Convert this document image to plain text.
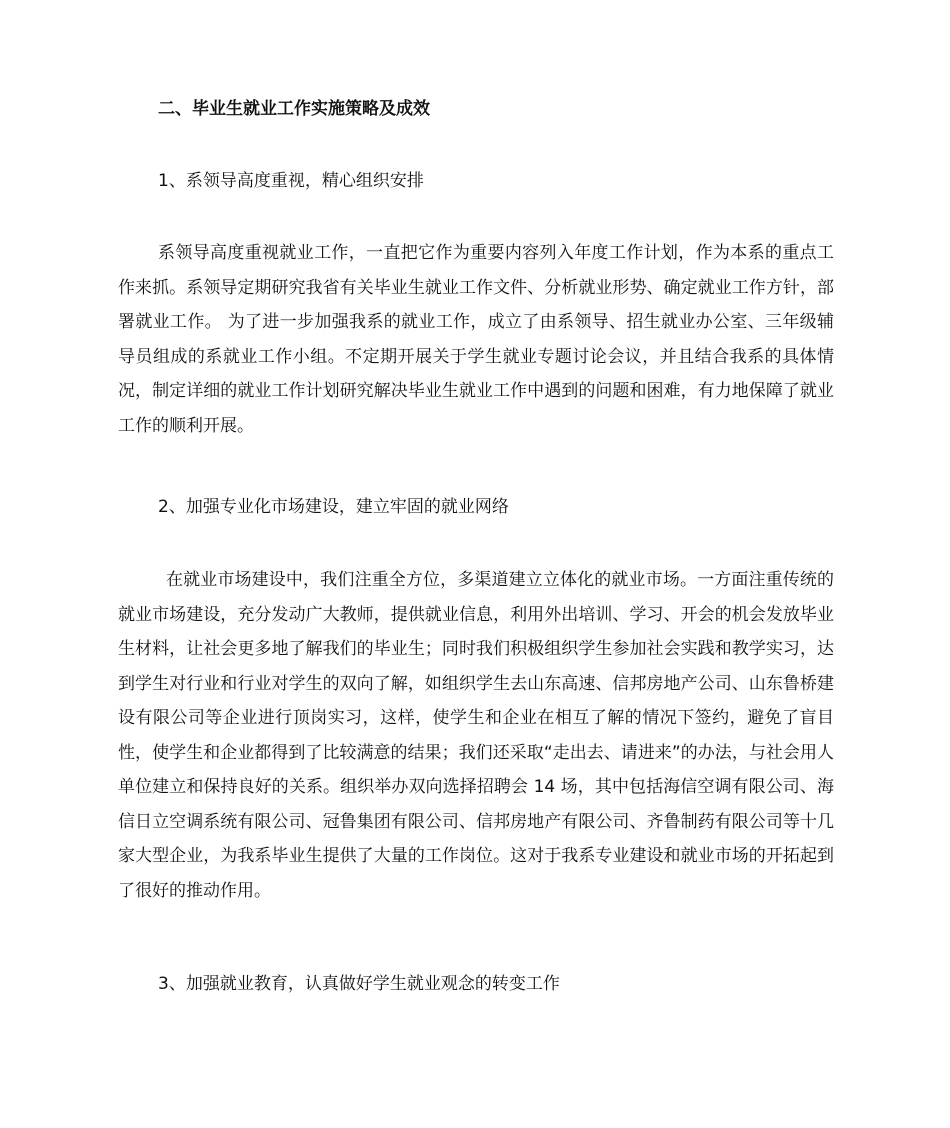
二、毕业生就业工作实施策略及成效
1、系领导高度重视，精心组织安排

系领导高度重视就业工作，一直把它作为重要内容列入年度工作计划，作为本系的重点工作来抓。系领导定期研究我省有关毕业生就业工作文件、分析就业形势、确定就业工作方针，部署就业工作。 为了进一步加强我系的就业工作，成立了由系领导、招生就业办公室、三年级辅导员组成的系就业工作小组。不定期开展关于学生就业专题讨论会议，并且结合我系的具体情况，制定详细的就业工作计划研究解决毕业生就业工作中遇到的问题和困难，有力地保障了就业工作的顺利开展。

2、加强专业化市场建设，建立牢固的就业网络

在就业市场建设中，我们注重全方位，多渠道建立立体化的就业市场。一方面注重传统的就业市场建设，充分发动广大教师，提供就业信息，利用外出培训、学习、开会的机会发放毕业生材料，让社会更多地了解我们的毕业生；同时我们积极组织学生参加社会实践和教学实习，达到学生对行业和行业对学生的双向了解，如组织学生去山东高速、信邦房地产公司、山东鲁桥建设有限公司等企业进行顶岗实习，这样，使学生和企业在相互了解的情况下签约，避免了盲目性，使学生和企业都得到了比较满意的结果；我们还采取“走出去、请进来”的办法，与社会用人单位建立和保持良好的关系。组织举办双向选择招聘会 14 场，其中包括海信空调有限公司、海信日立空调系统有限公司、冠鲁集团有限公司、信邦房地产有限公司、齐鲁制药有限公司等十几家大型企业，为我系毕业生提供了大量的工作岗位。这对于我系专业建设和就业市场的开拓起到了很好的推动作用。

3、加强就业教育，认真做好学生就业观念的转变工作
